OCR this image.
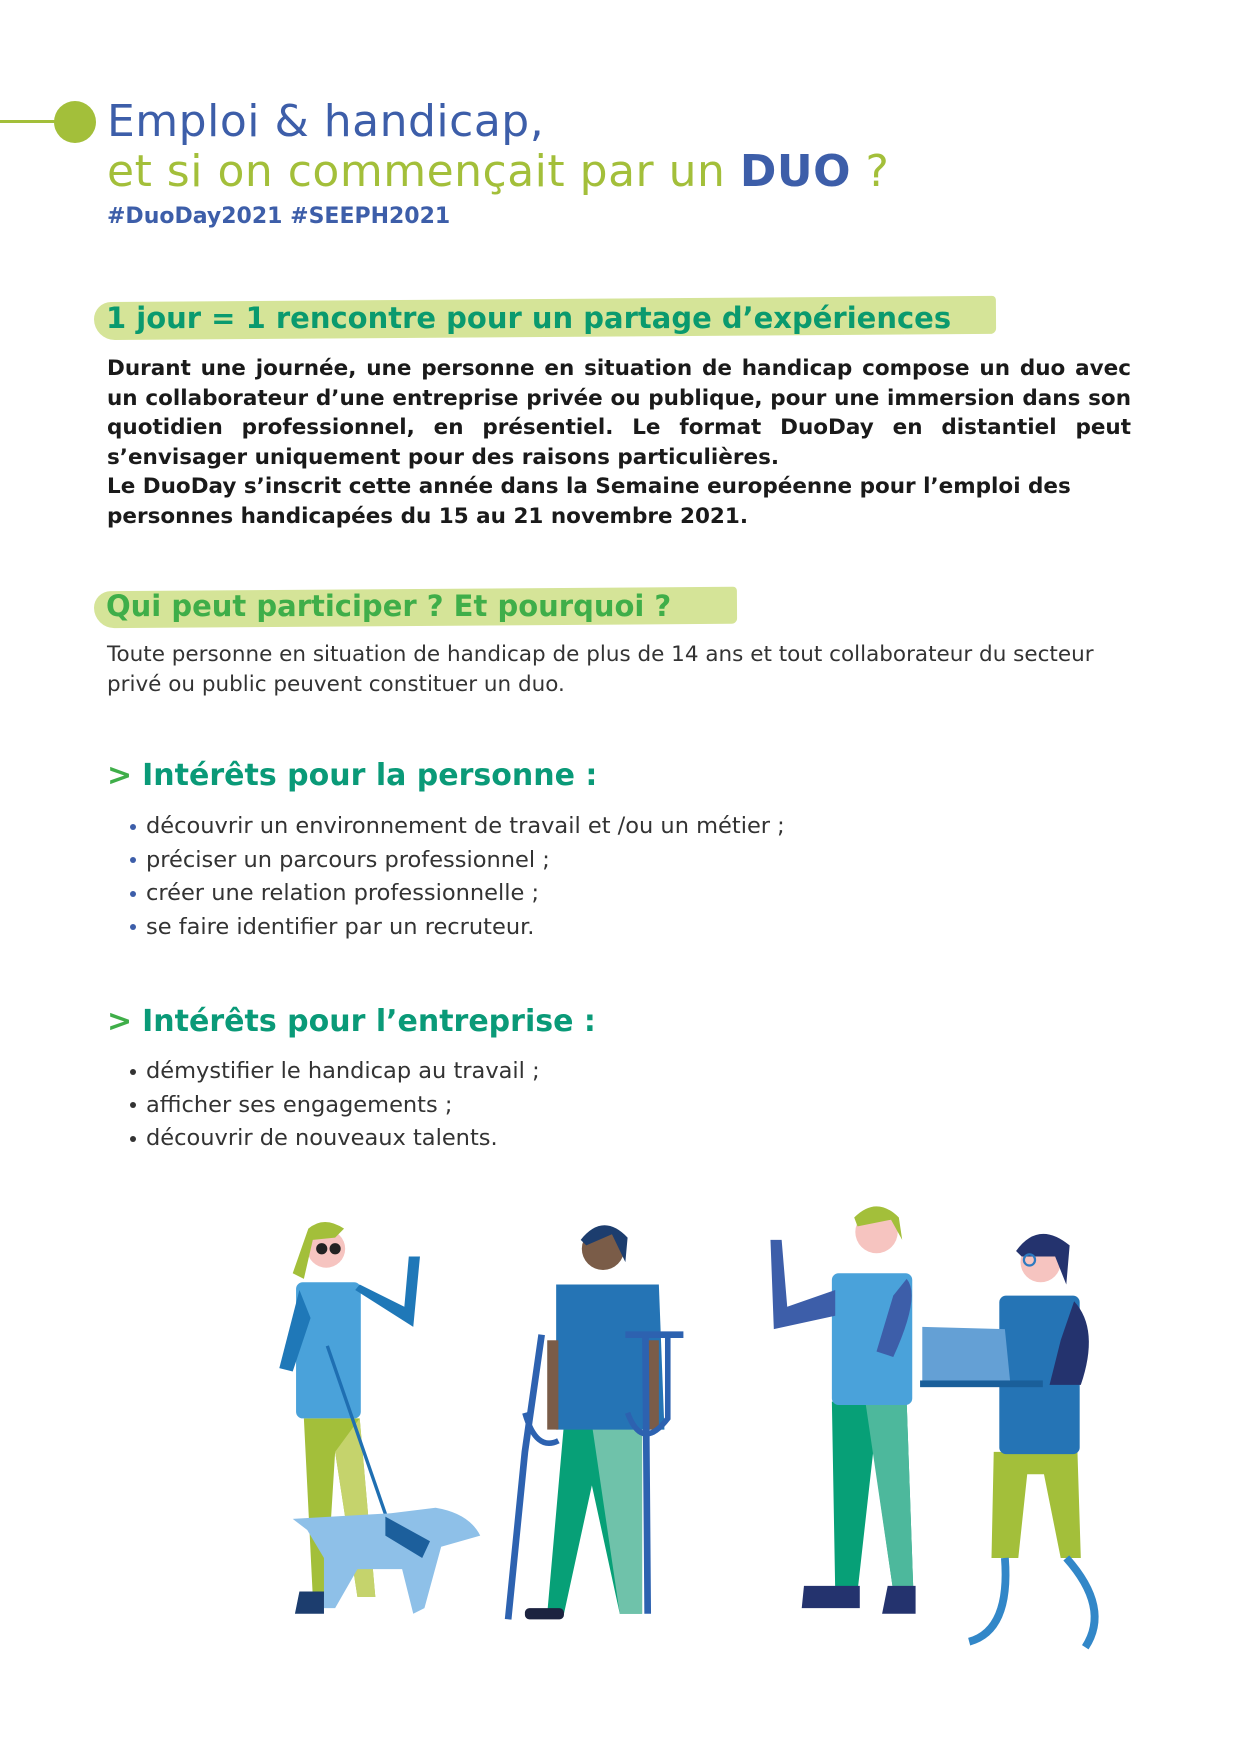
Emploi & handicap,
et si on commençait par un DUO ?
#DuoDay2021 #SEEPH2021
1 jour = 1 rencontre pour un partage d’expériences
Durant une journée, une personne en situation de handicap compose un duo avec un collaborateur d’une entreprise privée ou publique, pour une immersion dans son quotidien professionnel, en présentiel. Le format DuoDay en distantiel peut s’envisager uniquement pour des raisons particulières.
Le DuoDay s’inscrit cette année dans la Semaine européenne pour l’emploi des personnes handicapées du 15 au 21 novembre 2021.
Qui peut participer ? Et pourquoi ?
Toute personne en situation de handicap de plus de 14 ans et tout collaborateur du secteur privé ou public peuvent constituer un duo.
> Intérêts pour la personne :
découvrir un environnement de travail et /ou un métier ;
préciser un parcours professionnel ;
créer une relation professionnelle ;
se faire identifier par un recruteur.
> Intérêts pour l’entreprise :
démystifier le handicap au travail ;
afficher ses engagements ;
découvrir de nouveaux talents.
